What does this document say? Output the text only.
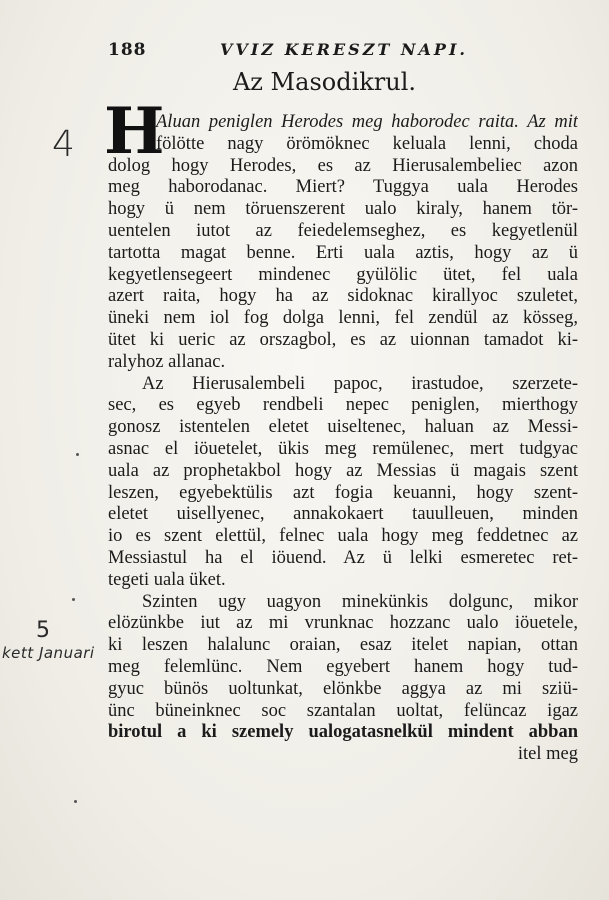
188	VVIZ KERESZT NAPI.
Az Masodikrul.
H
Aluan peniglen Herodes meg haborodec raita. Az mit
fölötte nagy örömöknec keluala lenni, choda
dolog hogy Herodes, es az Hierusalembeliec azon
meg haborodanac. Miert? Tuggya uala Herodes
hogy ü nem töruenszerent ualo kiraly, hanem tör-
uentelen iutot az feiedelemseghez, es kegyetlenül
tartotta magat benne. Erti uala aztis, hogy az ü
kegyetlensegeert mindenec gyülölic ütet, fel uala
azert raita, hogy ha az sidoknac kirallyoc szuletet,
üneki nem iol fog dolga lenni, fel zendül az kösseg,
ütet ki ueric az orszagbol, es az uionnan tamadot ki-
ralyhoz allanac.
Az Hierusalembeli papoc, irastudoe, szerzete-
sec, es egyeb rendbeli nepec peniglen, mierthogy
gonosz istentelen eletet uiseltenec, haluan az Messi-
asnac el iöuetelet, ükis meg remülenec, mert tudgyac
uala az prophetakbol hogy az Messias ü magais szent
leszen, egyebektülis azt fogia keuanni, hogy szent-
eletet uisellyenec, annakokaert tauulleuen, minden
io es szent elettül, felnec uala hogy meg feddetnec az
Messiastul ha el iöuend. Az ü lelki esmeretec ret-
tegeti uala üket.
Szinten ugy uagyon minekünkis dolgunc, mikor
elözünkbe iut az mi vrunknac hozzanc ualo iöuetele,
ki leszen halalunc oraian, esaz itelet napian, ottan
meg felemlünc. Nem egyebert hanem hogy tud-
gyuc bünös uoltunkat, elönkbe aggya az mi sziü-
ünc büneinknec soc szantalan uoltat, felüncaz igaz
birotul a ki szemely ualogatasnelkül mindent abban
itel meg
4
5
kett Januari
